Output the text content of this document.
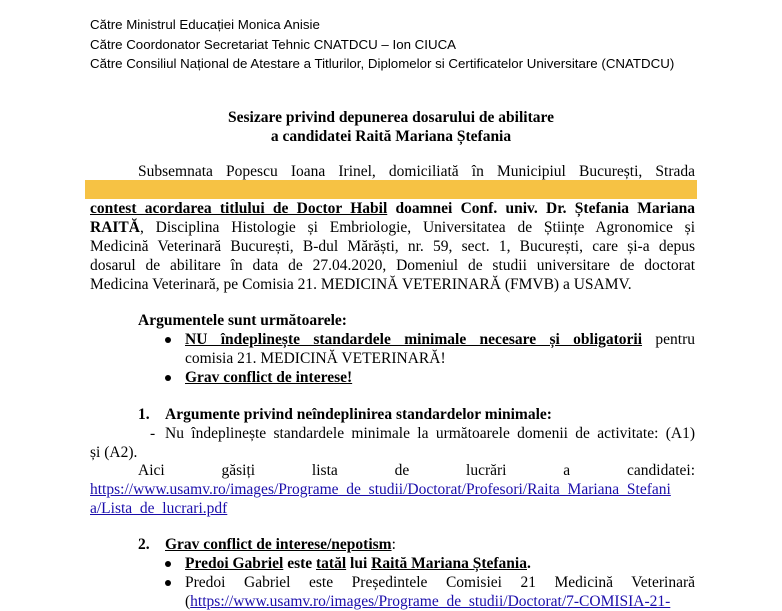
Către Ministrul Educației Monica Anisie
Către Coordonator Secretariat Tehnic CNATDCU – Ion CIUCA
Către Consiliul Național de Atestare a Titlurilor, Diplomelor si Certificatelor Universitare (CNATDCU)
Sesizare privind depunerea dosarului de abilitare
a candidatei Raită Mariana Ștefania
Subsemnata Popescu Ioana Irinel, domiciliată în Municipiul București, Strada
contest acordarea titlului de Doctor Habil doamnei Conf. univ. Dr. Ștefania Mariana
RAITĂ, Disciplina Histologie și Embriologie, Universitatea de Științe Agronomice și
Medicină Veterinară București, B-dul Mărăști, nr. 59, sect. 1, București, care și-a depus
dosarul de abilitare în data de 27.04.2020, Domeniul de studii universitare de doctorat
Medicina Veterinară, pe Comisia 21. MEDICINĂ VETERINARĂ (FMVB) a USAMV.
Argumentele sunt următoarele:
NU îndeplinește standardele minimale necesare și obligatorii pentru
comisia 21. MEDICINĂ VETERINARĂ!
Grav conflict de interese!
1. Argumente privind neîndeplinirea standardelor minimale:
- Nu îndeplinește standardele minimale la următoarele domenii de activitate: (A1)
și (A2).
Aici găsiți lista de lucrări a candidatei:
https://www.usamv.ro/images/Programe_de_studii/Doctorat/Profesori/Raita_Mariana_Stefani
a/Lista_de_lucrari.pdf
2. Grav conflict de interese/nepotism:
Predoi Gabriel este tatăl lui Raită Mariana Ștefania.
Predoi Gabriel este Președintele Comisiei 21 Medicină Veterinară
(https://www.usamv.ro/images/Programe_de_studii/Doctorat/7-COMISIA-21-
